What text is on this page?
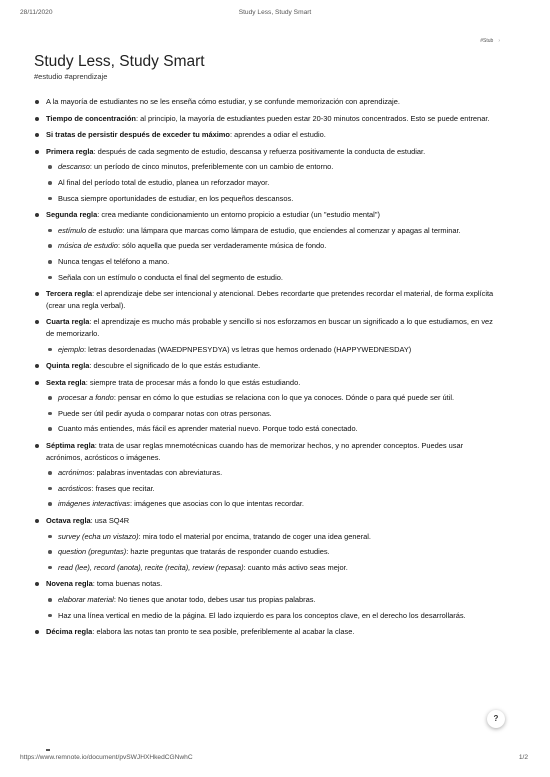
28/11/2020	Study Less, Study Smart
#Stub ›
Study Less, Study Smart
#estudio #aprendizaje
A la mayoría de estudiantes no se les enseña cómo estudiar, y se confunde memorización con aprendizaje.
Tiempo de concentración: al principio, la mayoría de estudiantes pueden estar 20-30 minutos concentrados. Esto se puede entrenar.
Si tratas de persistir después de exceder tu máximo: aprendes a odiar el estudio.
Primera regla: después de cada segmento de estudio, descansa y refuerza positivamente la conducta de estudiar.
descanso: un período de cinco minutos, preferiblemente con un cambio de entorno.
Al final del período total de estudio, planea un reforzador mayor.
Busca siempre oportunidades de estudiar, en los pequeños descansos.
Segunda regla: crea mediante condicionamiento un entorno propicio a estudiar (un "estudio mental")
estímulo de estudio: una lámpara que marcas como lámpara de estudio, que enciendes al comenzar y apagas al terminar.
música de estudio: sólo aquella que pueda ser verdaderamente música de fondo.
Nunca tengas el teléfono a mano.
Señala con un estímulo o conducta el final del segmento de estudio.
Tercera regla: el aprendizaje debe ser intencional y atencional. Debes recordarte que pretendes recordar el material, de forma explícita (crear una regla verbal).
Cuarta regla: el aprendizaje es mucho más probable y sencillo si nos esforzamos en buscar un significado a lo que estudiamos, en vez de memorizarlo.
ejemplo: letras desordenadas (WAEDPNPESYDYA) vs letras que hemos ordenado (HAPPYWEDNESDAY)
Quinta regla: descubre el significado de lo que estás estudiante.
Sexta regla: siempre trata de procesar más a fondo lo que estás estudiando.
procesar a fondo: pensar en cómo lo que estudias se relaciona con lo que ya conoces. Dónde o para qué puede ser útil.
Puede ser útil pedir ayuda o comparar notas con otras personas.
Cuanto más entiendes, más fácil es aprender material nuevo. Porque todo está conectado.
Séptima regla: trata de usar reglas mnemotécnicas cuando has de memorizar hechos, y no aprender conceptos. Puedes usar acrónimos, acrósticos o imágenes.
acrónimos: palabras inventadas con abreviaturas.
acrósticos: frases que recitar.
imágenes interactivas: imágenes que asocias con lo que intentas recordar.
Octava regla: usa SQ4R
survey (echa un vistazo): mira todo el material por encima, tratando de coger una idea general.
question (preguntas): hazte preguntas que tratarás de responder cuando estudies.
read (lee), record (anota), recite (recita), review (repasa): cuanto más activo seas mejor.
Novena regla: toma buenas notas.
elaborar material: No tienes que anotar todo, debes usar tus propias palabras.
Haz una línea vertical en medio de la página. El lado izquierdo es para los conceptos clave, en el derecho los desarrollarás.
Décima regla: elabora las notas tan pronto te sea posible, preferiblemente al acabar la clase.
?
https://www.remnote.io/document/pvSWJHXHkedCGNwhC	1/2
